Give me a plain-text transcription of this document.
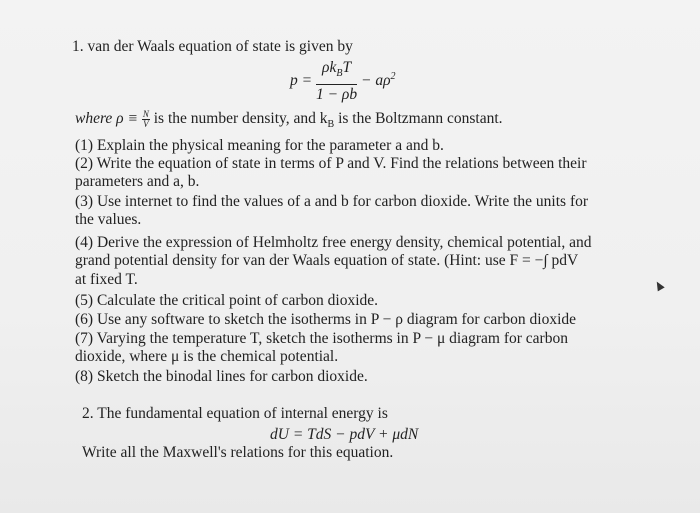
1. van der Waals equation of state is given by
$p = \frac{\rho k_BT}{1 - \rho b} - a\rho^2$
where $\rho \equiv \frac{N}{V}$ is the number density, and $k_B$ is the Boltzmann constant.
(1) Explain the physical meaning for the parameter a and b.
(2) Write the equation of state in terms of P and V. Find the relations between their
parameters and a, b.
(3) Use internet to find the values of a and b for carbon dioxide. Write the units for
the values.
(4) Derive the expression of Helmholtz free energy density, chemical potential, and
grand potential density for van der Waals equation of state. (Hint: use F = −∫ pdV
at fixed T.
(5) Calculate the critical point of carbon dioxide.
(6) Use any software to sketch the isotherms in P − ρ diagram for carbon dioxide
(7) Varying the temperature T, sketch the isotherms in P − μ diagram for carbon
dioxide, where μ is the chemical potential.
(8) Sketch the binodal lines for carbon dioxide.
2. The fundamental equation of internal energy is
dU = TdS − pdV + μdN
Write all the Maxwell's relations for this equation.
